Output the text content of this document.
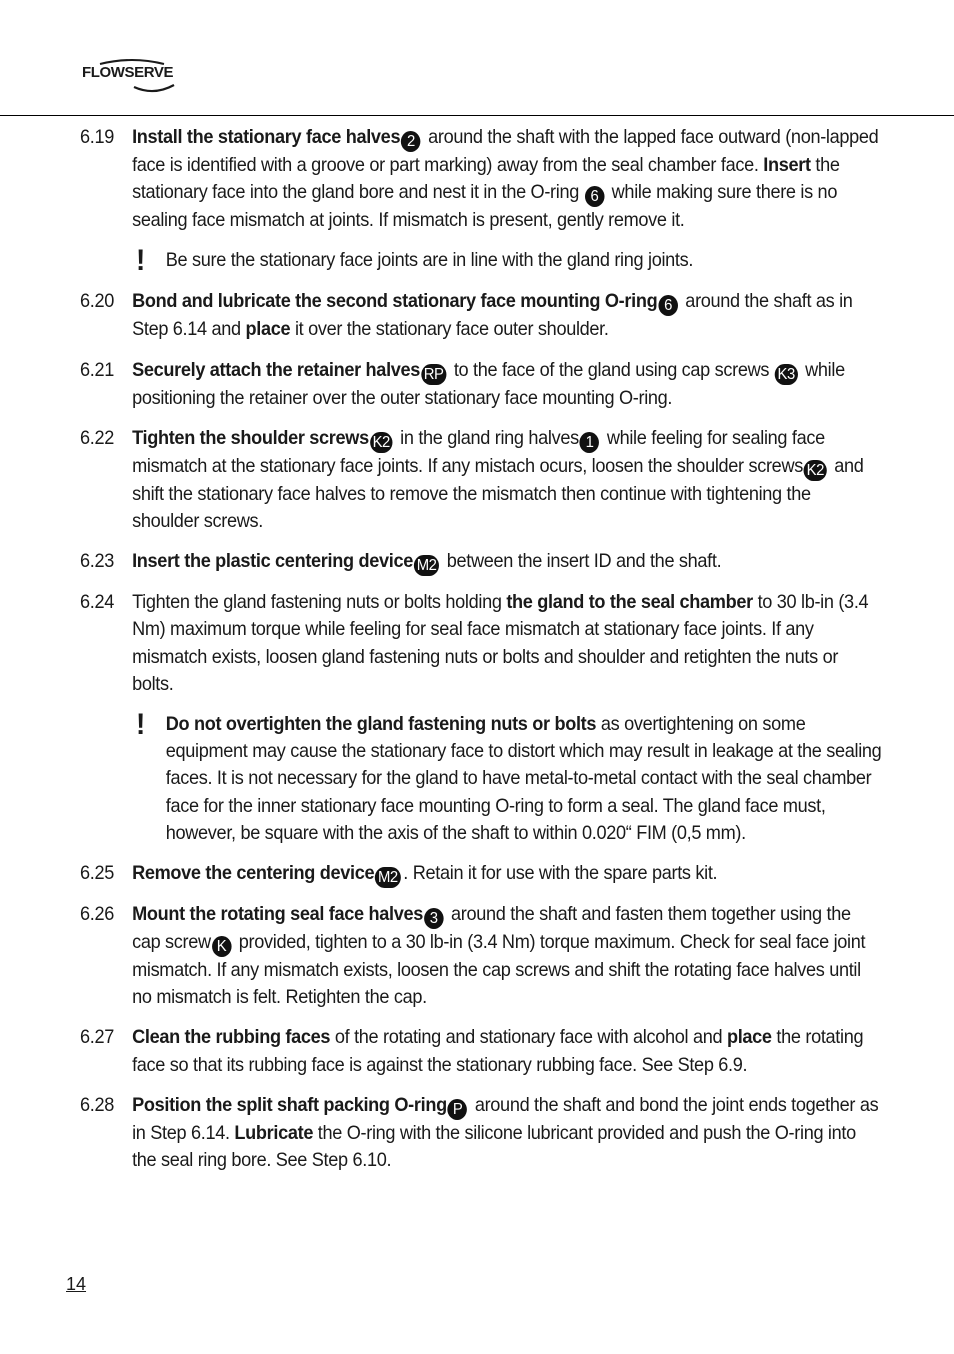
FLOWSERVE
6.19 Install the stationary face halves 2 around the shaft with the lapped face outward (non-lapped face is identified with a groove or part marking) away from the seal chamber face. Insert the stationary face into the gland bore and nest it in the O-ring 6 while making sure there is no sealing face mismatch at joints. If mismatch is present, gently remove it.
!	Be sure the stationary face joints are in line with the gland ring joints.
6.20 Bond and lubricate the second stationary face mounting O-ring 6 around the shaft as in Step 6.14 and place it over the stationary face outer shoulder.
6.21 Securely attach the retainer halves RP to the face of the gland using cap screws K3 while positioning the retainer over the outer stationary face mounting O-ring.
6.22 Tighten the shoulder screws K2 in the gland ring halves 1 while feeling for sealing face mismatch at the stationary face joints. If any mistach ocurs, loosen the shoulder screws K2 and shift the stationary face halves to remove the mismatch then continue with tightening the shoulder screws.
6.23 Insert the plastic centering device M2 between the insert ID and the shaft.
6.24 Tighten the gland fastening nuts or bolts holding the gland to the seal chamber to 30 lb-in (3.4 Nm) maximum torque while feeling for seal face mismatch at stationary face joints. If any mismatch exists, loosen gland fastening nuts or bolts and shoulder and retighten the nuts or bolts.
!	Do not overtighten the gland fastening nuts or bolts as overtightening on some equipment may cause the stationary face to distort which may result in leakage at the sealing faces. It is not necessary for the gland to have metal-to-metal contact with the seal chamber face for the inner stationary face mounting O-ring to form a seal. The gland face must, however, be square with the axis of the shaft to within 0.020“ FIM (0,5 mm).
6.25 Remove the centering device M2 . Retain it for use with the spare parts kit.
6.26 Mount the rotating seal face halves 3 around the shaft and fasten them together using the cap screw K provided, tighten to a 30 lb-in (3.4 Nm) torque maximum. Check for seal face joint mismatch. If any mismatch exists, loosen the cap screws and shift the rotating face halves until no mismatch is felt. Retighten the cap.
6.27 Clean the rubbing faces of the rotating and stationary face with alcohol and place the rotating face so that its rubbing face is against the stationary rubbing face. See Step 6.9.
6.28 Position the split shaft packing O-ring P around the shaft and bond the joint ends together as in Step 6.14. Lubricate the O-ring with the silicone lubricant provided and push the O-ring into the seal ring bore. See Step 6.10.
14
